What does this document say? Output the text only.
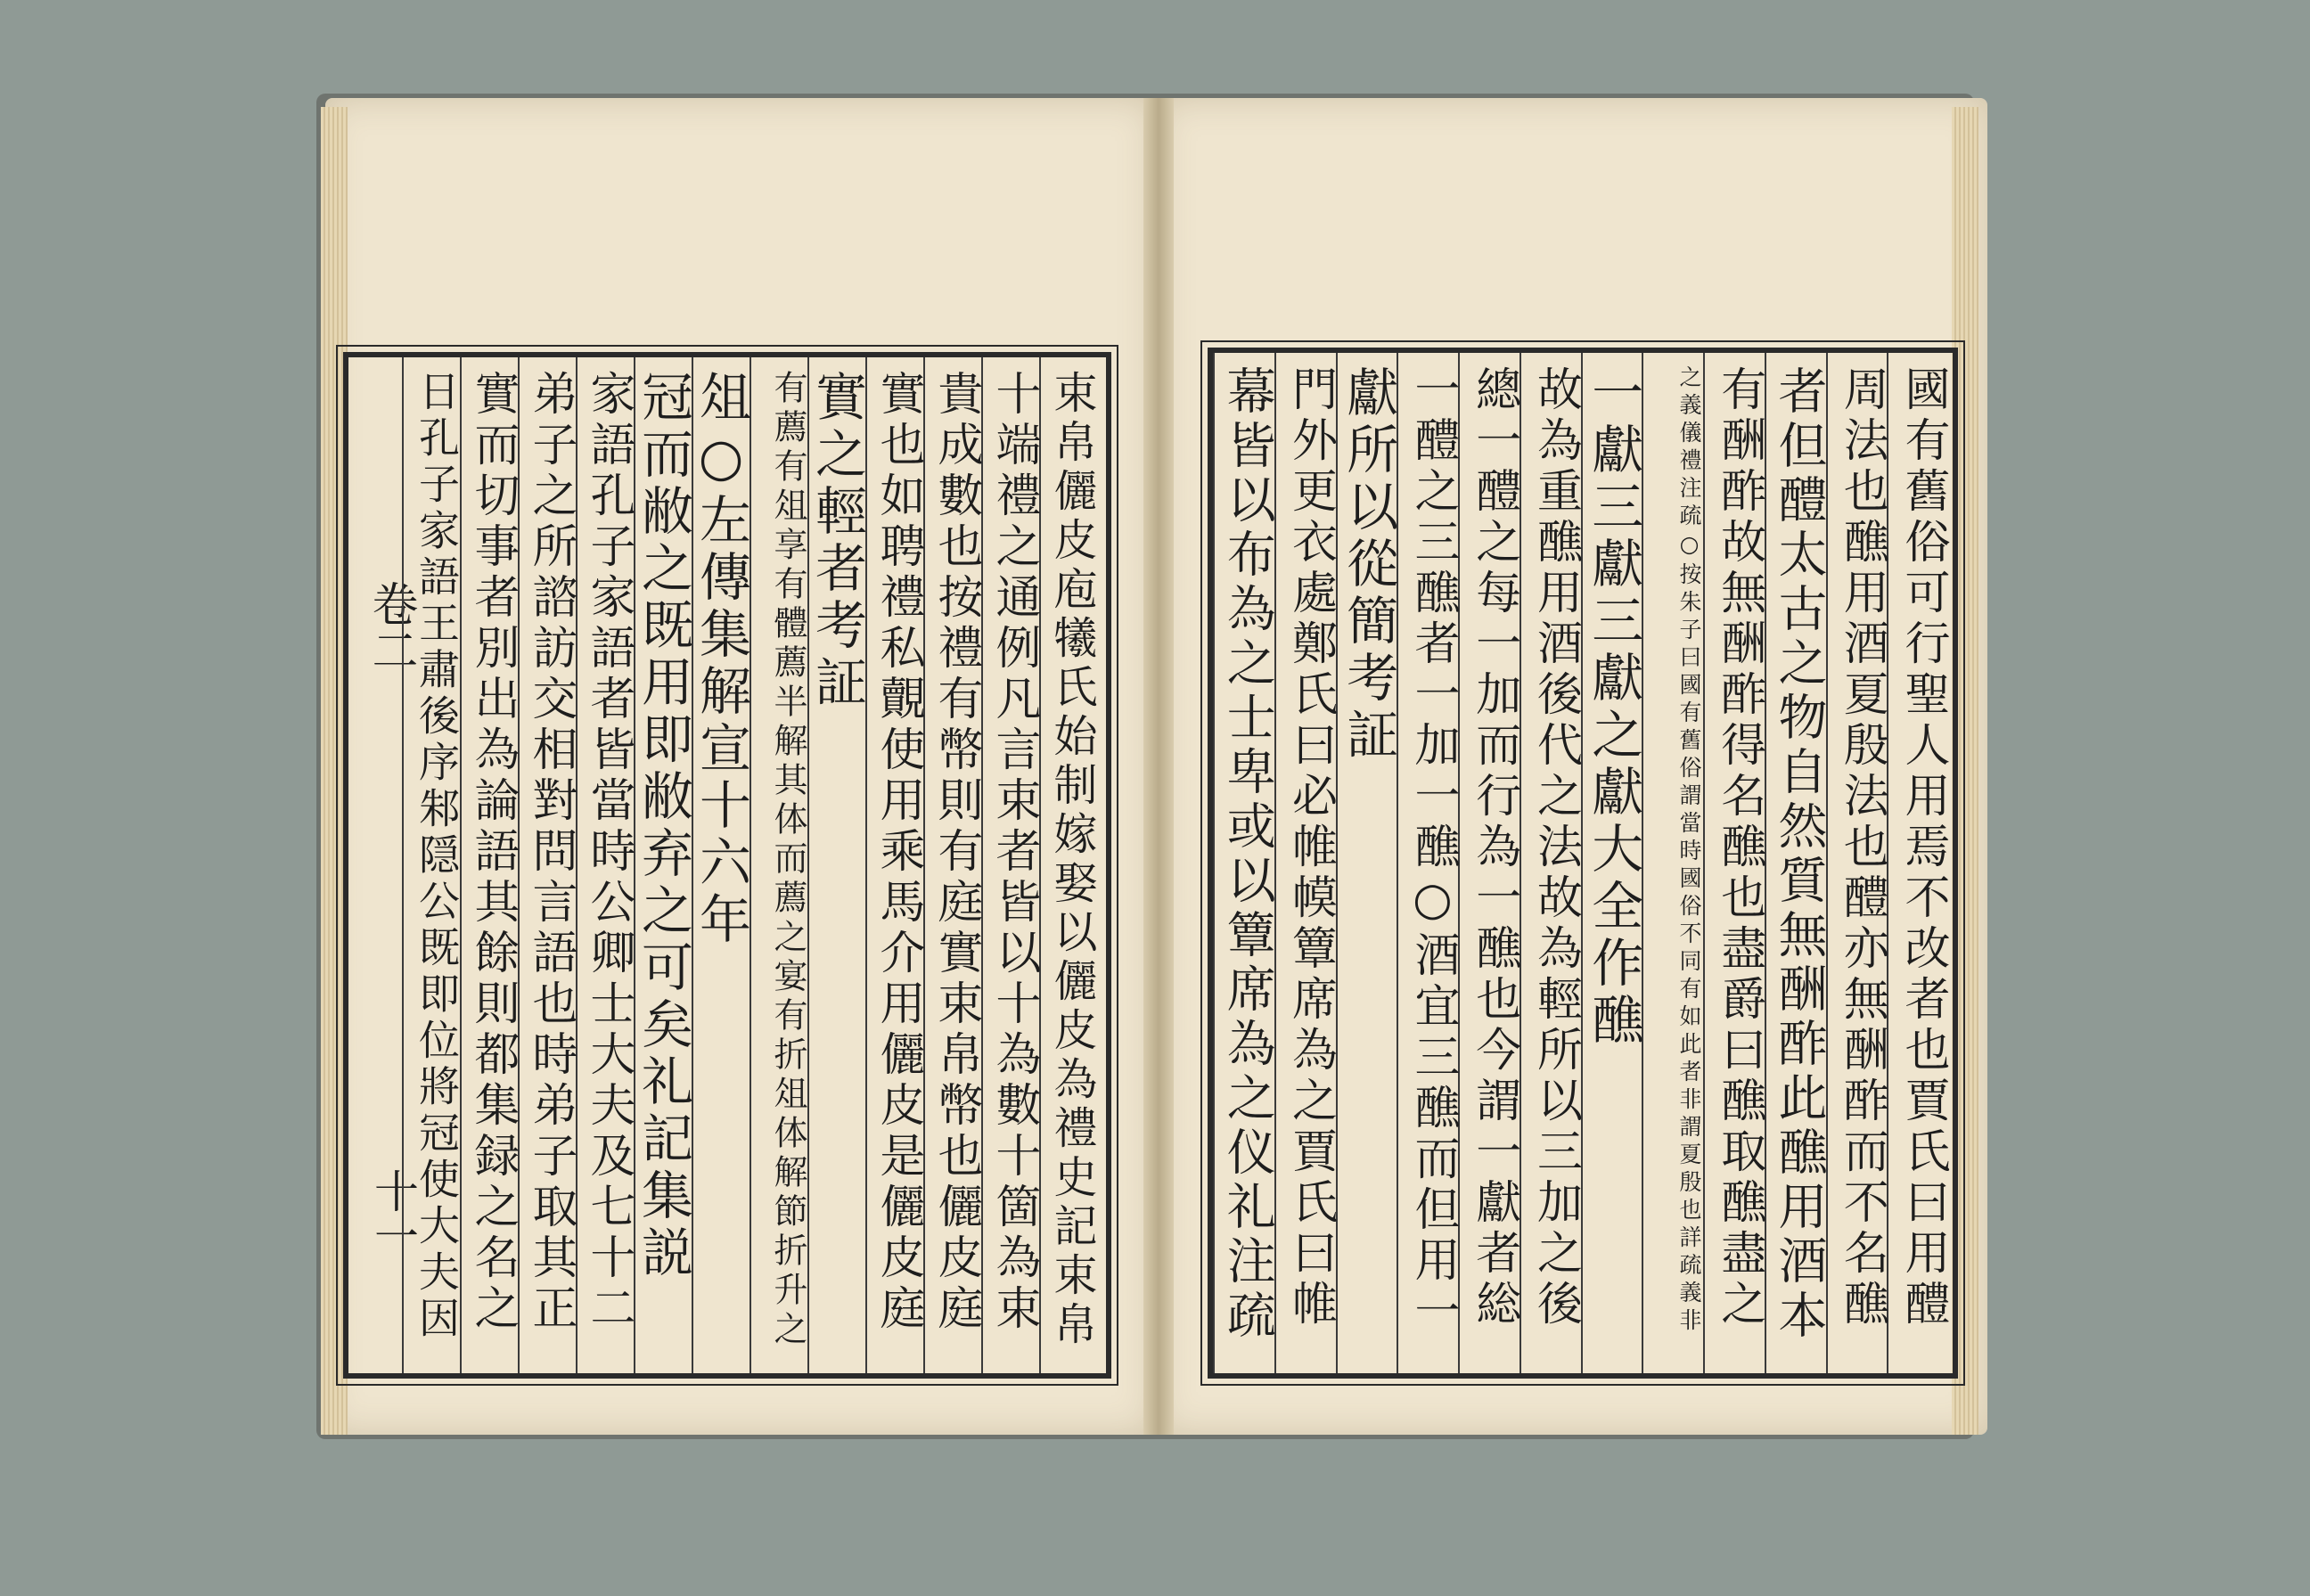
卷二
十一	束帛儷皮庖犧氏始制嫁娶以儷皮為禮史記束帛
十端禮之通例凡言束者皆以十為數十箇為束
貴成數也按禮有幣則有庭實束帛幣也儷皮庭
實也如聘禮私覿使用乘馬介用儷皮是儷皮庭
實之輕者考証
有薦有俎享有體薦半解其体而薦之宴有折俎体解節折升之
俎○左傳集解宣十六年
冠而敝之既用即敝弃之可矣礼記集説
家語孔子家語者皆當時公卿士大夫及七十二
弟子之所諮訪交相對問言語也時弟子取其正
實而切事者別出為論語其餘則都集録之名之
日孔子家語王肅後序邾隠公既即位將冠使大夫因	國有舊俗可行聖人用焉不改者也賈氏曰用醴
周法也醮用酒夏殷法也醴亦無酬酢而不名醮
者但醴太古之物自然質無酬酢此醮用酒本
有酬酢故無酬酢得名醮也盡爵曰醮取醮盡之
之義儀禮注疏○按朱子曰國有舊俗謂當時國俗不同有如此者非謂夏殷也詳疏義非
一獻三獻三獻之獻大全作醮
故為重醮用酒後代之法故為輕所以三加之後
總一醴之每一加而行為一醮也今謂一獻者総
一醴之三醮者一加一醮○酒宜三醮而但用一
獻所以從簡考証
門外更衣處鄭氏曰必帷幙簟席為之賈氏曰帷
幕皆以布為之士卑或以簟席為之仪礼注疏
